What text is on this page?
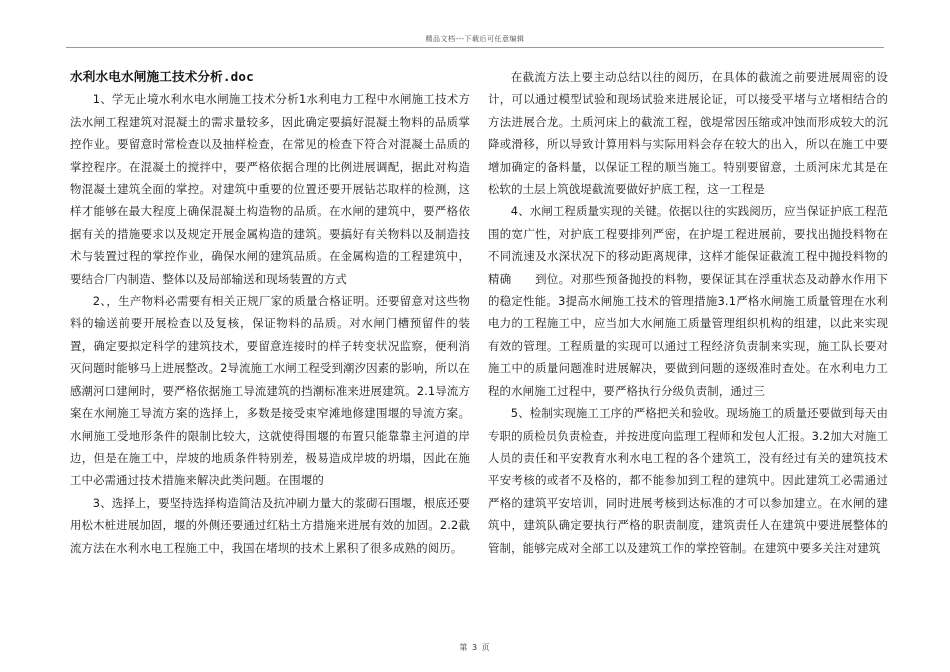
精品文档---下载后可任意编辑

水利水电水闸施工技术分析.doc

1、学无止境水利水电水闸施工技术分析1水利电力工程中水闸施工技术方法水闸工程建筑对混凝土的需求量较多，因此确定要搞好混凝土物料的品质掌控作业。要留意时常检查以及抽样检查，在常见的检查下符合对混凝土品质的掌控程序。在混凝土的搅拌中，要严格依据合理的比例进展调配，据此对构造物混凝土建筑全面的掌控。对建筑中重要的位置还要开展钻芯取样的检测，这样才能够在最大程度上确保混凝土构造物的品质。在水闸的建筑中，要严格依据有关的措施要求以及规定开展金属构造的建筑。要搞好有关物料以及制造技术与装置过程的掌控作业，确保水闸的建筑品质。在金属构造的工程建筑中，要结合厂内制造、整体以及局部输送和现场装置的方式

2、，生产物料必需要有相关正规厂家的质量合格证明。还要留意对这些物料的输送前要开展检查以及复核，保证物料的品质。对水闸门槽预留件的装置，确定要拟定科学的建筑技术，要留意连接时的样子转变状况监察，便利消灭问题时能够马上进展整改。2导流施工水闸工程受到潮汐因素的影响，所以在感潮河口建闸时，要严格依据施工导流建筑的挡潮标准来进展建筑。2.1导流方案在水闸施工导流方案的选择上，多数是接受束窄滩地修建围堰的导流方案。水闸施工受地形条件的限制比较大，这就使得围堰的布置只能靠靠主河道的岸边，但是在施工中，岸坡的地质条件特别差，极易造成岸坡的坍塌，因此在施工中必需通过技术措施来解决此类问题。在围堰的

3、选择上，要坚持选择构造简洁及抗冲刷力量大的浆砌石围堰，根底还要用松木桩进展加固，堰的外侧还要通过红粘土方措施来进展有效的加固。2.2截流方法在水利水电工程施工中，我国在堵坝的技术上累积了很多成熟的阅历。

在截流方法上要主动总结以往的阅历，在具体的截流之前要进展周密的设计，可以通过模型试验和现场试验来进展论证，可以接受平堵与立堵相结合的方法进展合龙。土质河床上的截流工程，戗堤常因压缩或冲蚀而形成较大的沉降或滑移，所以导致计算用料与实际用料会存在较大的出入，所以在施工中要增加确定的备料量，以保证工程的顺当施工。特别要留意，土质河床尤其是在松软的土层上筑戗堤截流要做好护底工程，这一工程是

4、水闸工程质量实现的关键。依据以往的实践阅历，应当保证护底工程范围的宽广性，对护底工程要排列严密，在护堤工程进展前，要找出抛投料物在不同流速及水深状况下的移动距离规律，这样才能保证截流工程中抛投料物的精确　　到位。对那些预备抛投的料物，要保证其在浮重状态及动静水作用下的稳定性能。3提高水闸施工技术的管理措施3.1严格水闸施工质量管理在水利电力的工程施工中，应当加大水闸施工质量管理组织机构的组建，以此来实现有效的管理。工程质量的实现可以通过工程经济负责制来实现，施工队长要对施工中的质量问题准时进展解决，要做到问题的逐级准时查处。在水利电力工程的水闸施工过程中，要严格执行分级负责制，通过三

5、检制实现施工工序的严格把关和验收。现场施工的质量还要做到每天由专职的质检员负责检查，并按进度向监理工程师和发包人汇报。3.2加大对施工人员的责任和平安教育水利水电工程的各个建筑工，没有经过有关的建筑技术平安考核的或者不及格的，都不能参加到工程的建筑中。因此建筑工必需通过严格的建筑平安培训，同时进展考核到达标准的才可以参加建立。在水闸的建筑中，建筑队确定要执行严格的职责制度，建筑责任人在建筑中要进展整体的管制，能够完成对全部工以及建筑工作的掌控管制。在建筑中要多关注对建筑

第 3 页
